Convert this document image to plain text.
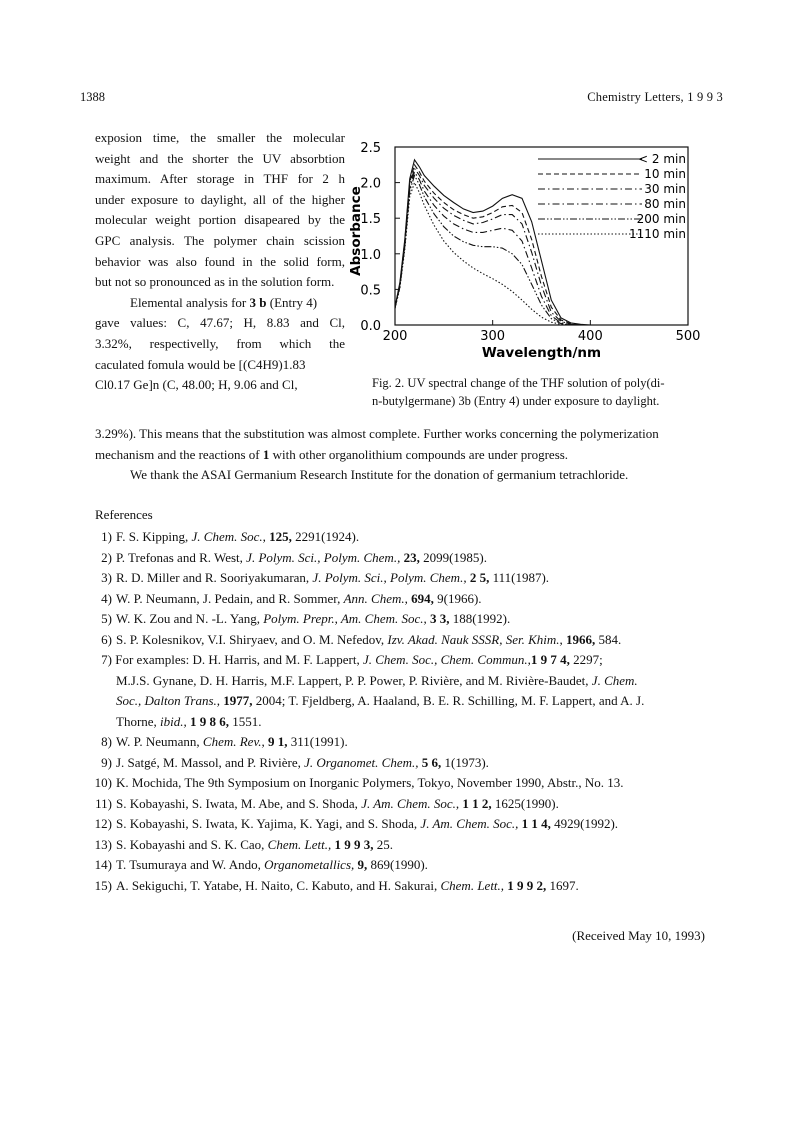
1388	Chemistry Letters, 1 9 9 3

exposion time, the smaller the molecular

weight and the shorter the UV absorbtion

maximum. After storage in THF for 2 h

under exposure to daylight, all of the higher

molecular weight portion disapeared by the

GPC analysis. The polymer chain scission

behavior was also found in the solid form,

but not so pronounced as in the solution form.

Elemental analysis for 3 b (Entry 4)

gave values: C, 47.67; H, 8.83 and Cl,

3.32%, respectivelly, from which the

caculated fomula would be [(C4H9)1.83

Cl0.17 Ge]n (C, 48.00; H, 9.06 and Cl,

0.0
0.5
1.0
1.5
2.0
2.5
200	300	400	500
Wavelength/nm
Absorbance
< 2 min
10 min
30 min
80 min
200 min
1110 min
Fig. 2. UV spectral change of the THF solution of poly(di-
n-butylgermane) 3b (Entry 4) under exposure to daylight.

3.29%). This means that the substitution was almost complete. Further works concerning the polymerization

mechanism and the reactions of 1 with other organolithium compounds are under progress.

We thank the ASAI Germanium Research Institute for the donation of germanium tetrachloride.

References
1) F. S. Kipping, J. Chem. Soc., 125, 2291(1924).
2) P. Trefonas and R. West, J. Polym. Sci., Polym. Chem., 23, 2099(1985).
3) R. D. Miller and R. Sooriyakumaran, J. Polym. Sci., Polym. Chem., 2 5, 111(1987).
4) W. P. Neumann, J. Pedain, and R. Sommer, Ann. Chem., 694, 9(1966).
5) W. K. Zou and N. -L. Yang, Polym. Prepr., Am. Chem. Soc., 3 3, 188(1992).
6) S. P. Kolesnikov, V.I. Shiryaev, and O. M. Nefedov, Izv. Akad. Nauk SSSR, Ser. Khim., 1966, 584.
7) For examples: D. H. Harris, and M. F. Lappert, J. Chem. Soc., Chem. Commun.,1 9 7 4, 2297;
M.J.S. Gynane, D. H. Harris, M.F. Lappert, P. P. Power, P. Rivière, and M. Rivière-Baudet, J. Chem.
Soc., Dalton Trans., 1977, 2004; T. Fjeldberg, A. Haaland, B. E. R. Schilling, M. F. Lappert, and A. J.
Thorne, ibid., 1 9 8 6, 1551.
8) W. P. Neumann, Chem. Rev., 9 1, 311(1991).
9) J. Satgé, M. Massol, and P. Rivière, J. Organomet. Chem., 5 6, 1(1973).
10) K. Mochida, The 9th Symposium on Inorganic Polymers, Tokyo, November 1990, Abstr., No. 13.
11) S. Kobayashi, S. Iwata, M. Abe, and S. Shoda, J. Am. Chem. Soc., 1 1 2, 1625(1990).
12) S. Kobayashi, S. Iwata, K. Yajima, K. Yagi, and S. Shoda, J. Am. Chem. Soc., 1 1 4, 4929(1992).
13) S. Kobayashi and S. K. Cao, Chem. Lett., 1 9 9 3, 25.
14) T. Tsumuraya and W. Ando, Organometallics, 9, 869(1990).
15) A. Sekiguchi, T. Yatabe, H. Naito, C. Kabuto, and H. Sakurai, Chem. Lett., 1 9 9 2, 1697.
(Received May 10, 1993)
